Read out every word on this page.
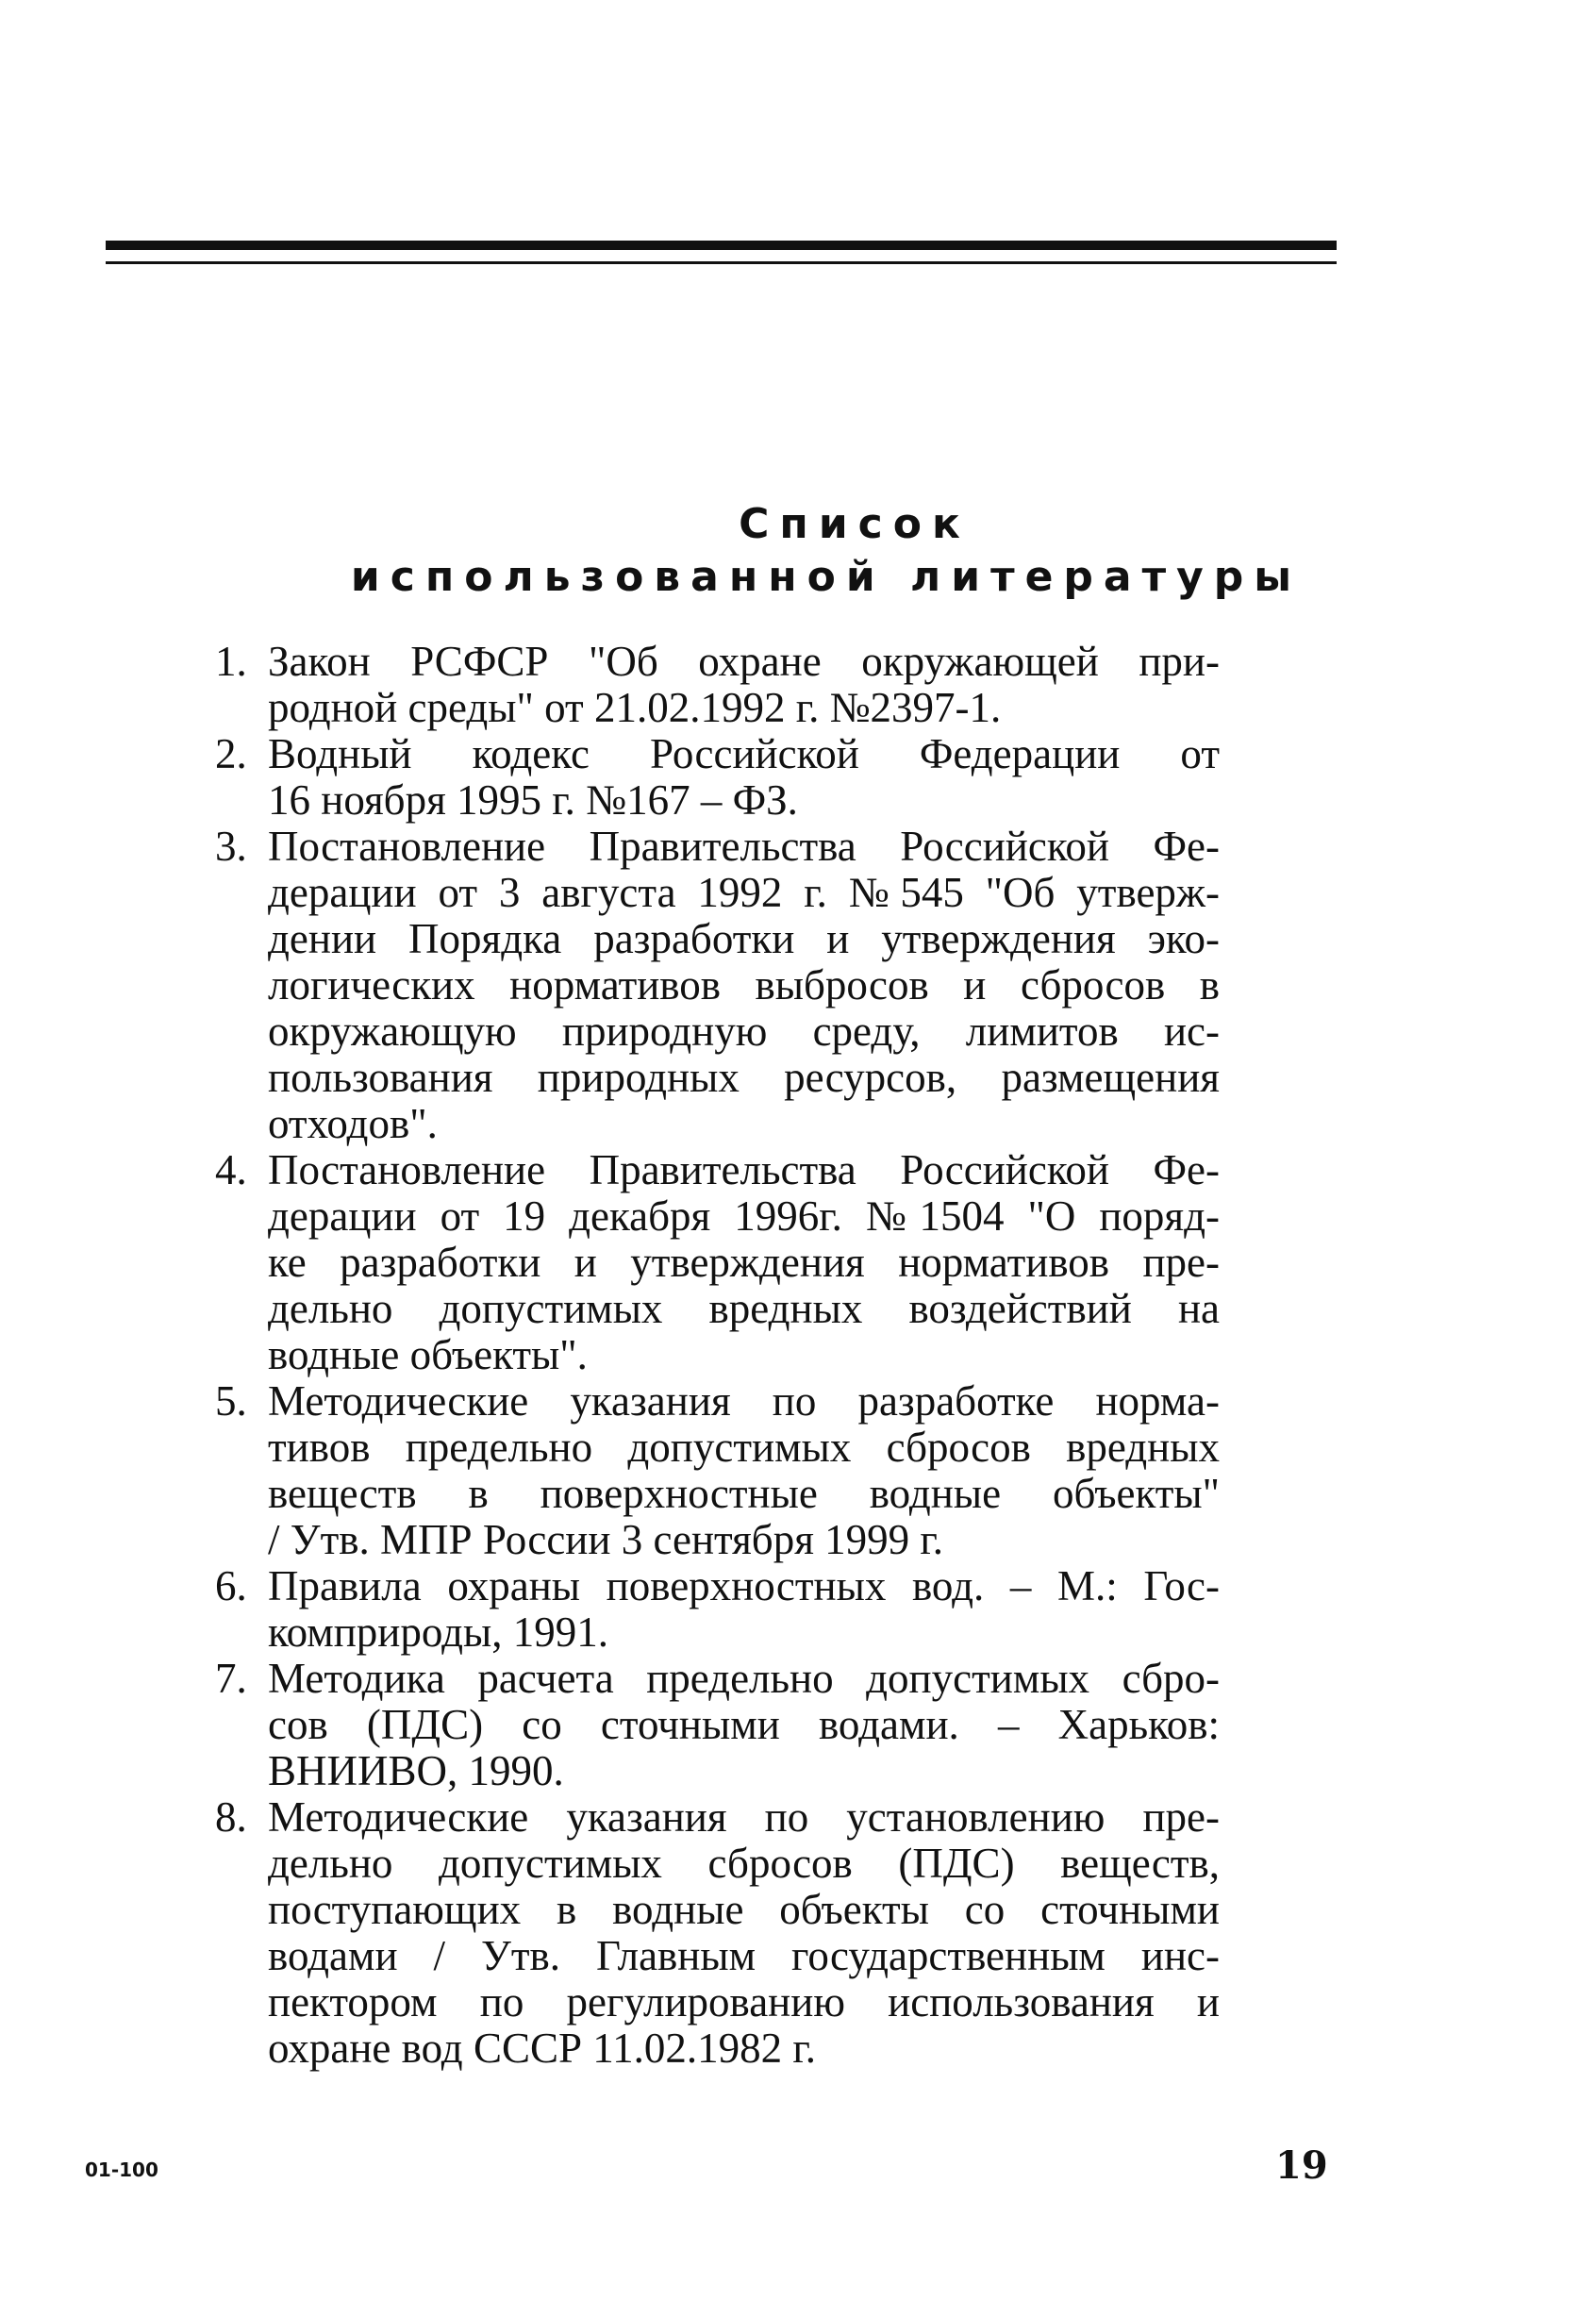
Список
использованной литературы
1. Закон РСФСР "Об охране окружающей при-
родной среды" от 21.02.1992 г. №2397-1.
2. Водный кодекс Российской Федерации от
16 ноября 1995 г. №167 – ФЗ.
3. Постановление Правительства Российской Фе-
дерации от 3 августа 1992 г. №545 "Об утверж-
дении Порядка разработки и утверждения эко-
логических нормативов выбросов и сбросов в
окружающую природную среду, лимитов ис-
пользования природных ресурсов, размещения
отходов".
4. Постановление Правительства Российской Фе-
дерации от 19 декабря 1996г. №1504 "О поряд-
ке разработки и утверждения нормативов пре-
дельно допустимых вредных воздействий на
водные объекты".
5. Методические указания по разработке норма-
тивов предельно допустимых сбросов вредных
веществ в поверхностные водные объекты"
/ Утв. МПР России 3 сентября 1999 г.
6. Правила охраны поверхностных вод. – М.: Гос-
комприроды, 1991.
7. Методика расчета предельно допустимых сбро-
сов (ПДС) со сточными водами. – Харьков:
ВНИИВО, 1990.
8. Методические указания по установлению пре-
дельно допустимых сбросов (ПДС) веществ,
поступающих в водные объекты со сточными
водами / Утв. Главным государственным инс-
пектором по регулированию использования и
охране вод СССР 11.02.1982 г.
01-100	19
